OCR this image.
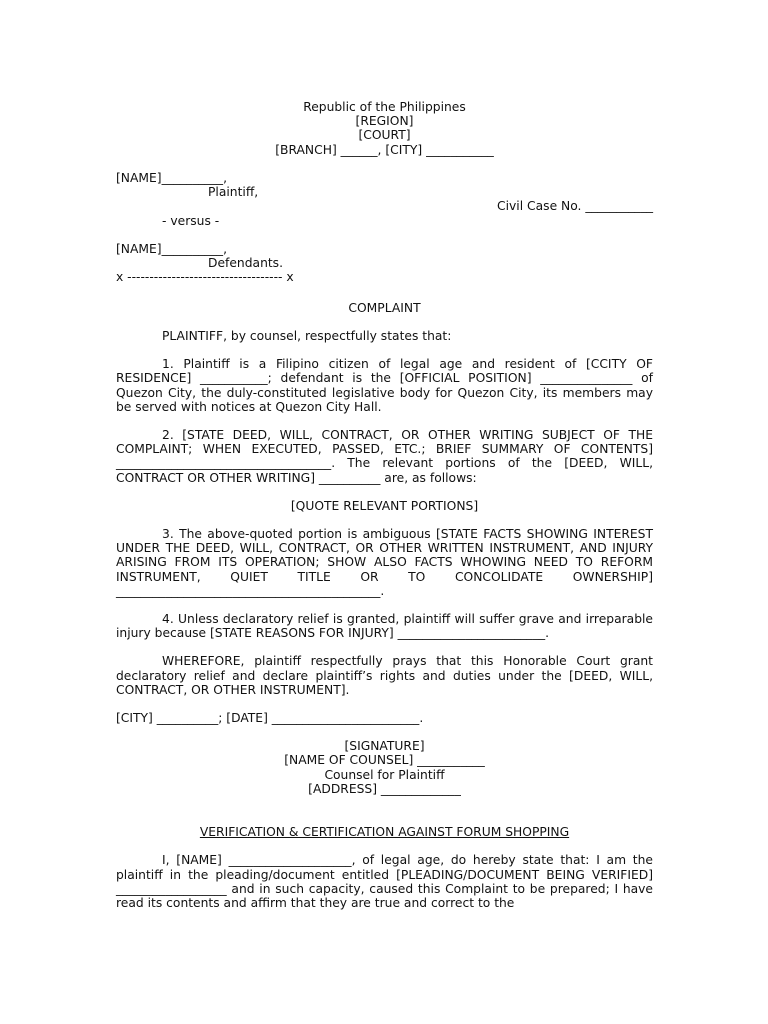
Republic of the Philippines
[REGION]
[COURT]
[BRANCH] ______, [CITY] ___________
[NAME]__________,
Plaintiff,
Civil Case No. ___________
- versus -
[NAME]__________,
Defendants.
x ----------------------------------- x
COMPLAINT

PLAINTIFF, by counsel, respectfully states that:

1. Plaintiff is a Filipino citizen of legal age and resident of [CCITY OF RESIDENCE] ___________; defendant is the [OFFICIAL POSITION] _______________ of Quezon City, the duly-constituted legislative body for Quezon City, its members may be served with notices at Quezon City Hall.

2. [STATE DEED, WILL, CONTRACT, OR OTHER WRITING SUBJECT OF THE COMPLAINT; WHEN EXECUTED, PASSED, ETC.; BRIEF SUMMARY OF CONTENTS] ___________________________________. The relevant portions of the [DEED, WILL, CONTRACT OR OTHER WRITING] __________ are, as follows:

[QUOTE RELEVANT PORTIONS]

3. The above-quoted portion is ambiguous [STATE FACTS SHOWING INTEREST UNDER THE DEED, WILL, CONTRACT, OR OTHER WRITTEN INSTRUMENT, AND INJURY ARISING FROM ITS OPERATION; SHOW ALSO FACTS WHOWING NEED TO REFORM INSTRUMENT, QUIET TITLE OR TO CONCOLIDATE OWNERSHIP] ___________________________________________.

4. Unless declaratory relief is granted, plaintiff will suffer grave and irreparable injury because [STATE REASONS FOR INJURY] ________________________.

WHEREFORE, plaintiff respectfully prays that this Honorable Court grant declaratory relief and declare plaintiff’s rights and duties under the [DEED, WILL, CONTRACT, OR OTHER INSTRUMENT].

[CITY] __________; [DATE] ________________________.

[SIGNATURE]
[NAME OF COUNSEL] ___________
Counsel for Plaintiff
[ADDRESS] _____________

VERIFICATION & CERTIFICATION AGAINST FORUM SHOPPING

I, [NAME] ____________________, of legal age, do hereby state that: I am the plaintiff in the pleading/document entitled [PLEADING/DOCUMENT BEING VERIFIED] __________________ and in such capacity, caused this Complaint to be prepared; I have read its contents and affirm that they are true and correct to the
